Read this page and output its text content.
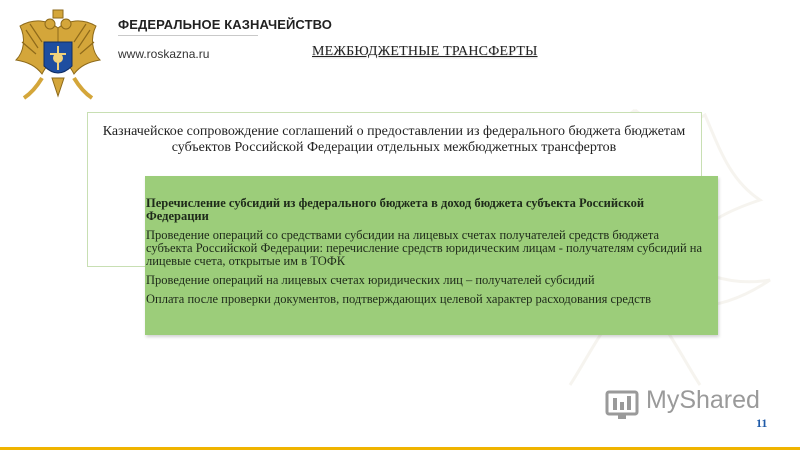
ФЕДЕРАЛЬНОЕ КАЗНАЧЕЙСТВО
www.roskazna.ru	МЕЖБЮДЖЕТНЫЕ ТРАНСФЕРТЫ
Казначейское сопровождение соглашений о предоставлении из федерального бюджета бюджетам субъектов Российской Федерации отдельных межбюджетных трансфертов

Перечисление субсидий из федерального бюджета в доход бюджета субъекта Российской Федерации

Проведение операций со средствами субсидии на лицевых счетах получателей средств бюджета субъекта Российской Федерации: перечисление средств юридическим лицам - получателям субсидий на лицевые счета, открытые им в ТОФК

Проведение операций на лицевых счетах юридических лиц – получателей субсидий

Оплата после проверки документов, подтверждающих целевой характер расходования средств

MyShared
11
